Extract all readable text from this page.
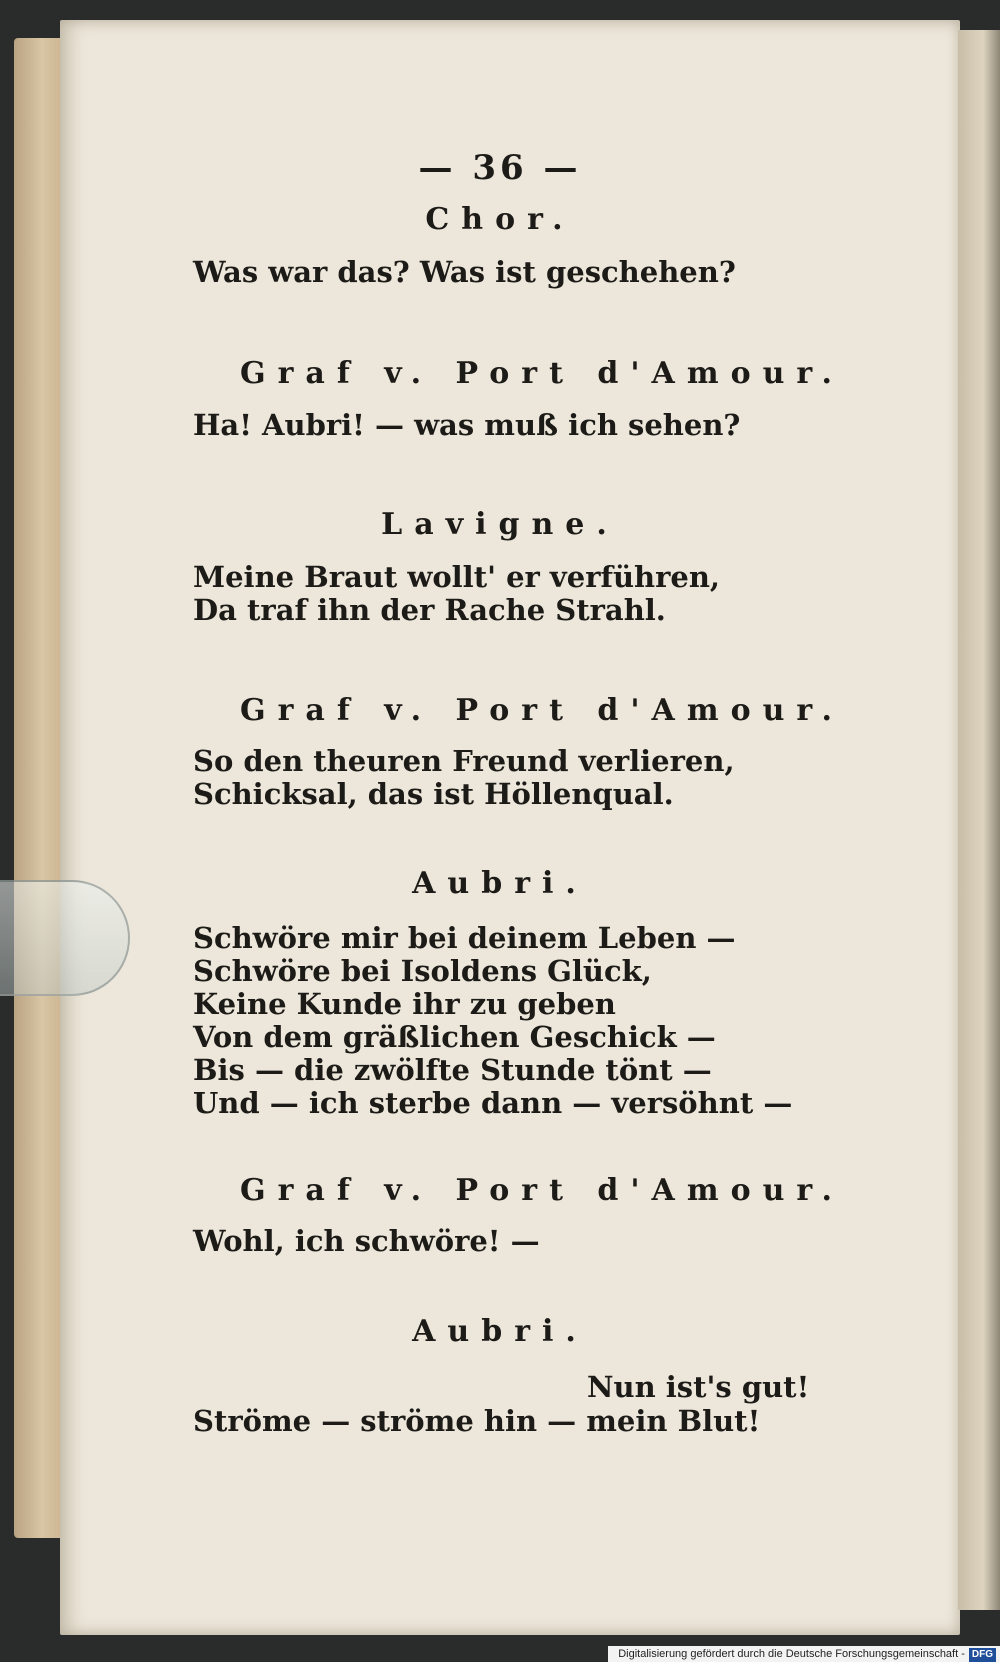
— 36 —

Chor.

Was war das? Was ist geschehen?

Graf v. Port d'Amour.

Ha! Aubri! — was muß ich sehen?

Lavigne.

Meine Braut wollt' er verführen,

Da traf ihn der Rache Strahl.

Graf v. Port d'Amour.

So den theuren Freund verlieren,

Schicksal, das ist Höllenqual.

Aubri.

Schwöre mir bei deinem Leben —

Schwöre bei Isoldens Glück,

Keine Kunde ihr zu geben

Von dem gräßlichen Geschick —

Bis — die zwölfte Stunde tönt —

Und — ich sterbe dann — versöhnt —

Graf v. Port d'Amour.

Wohl, ich schwöre! —

Aubri.

Nun ist's gut!

Ströme — ströme hin — mein Blut!

Digitalisierung gefördert durch die Deutsche Forschungsgemeinschaft - DFG
